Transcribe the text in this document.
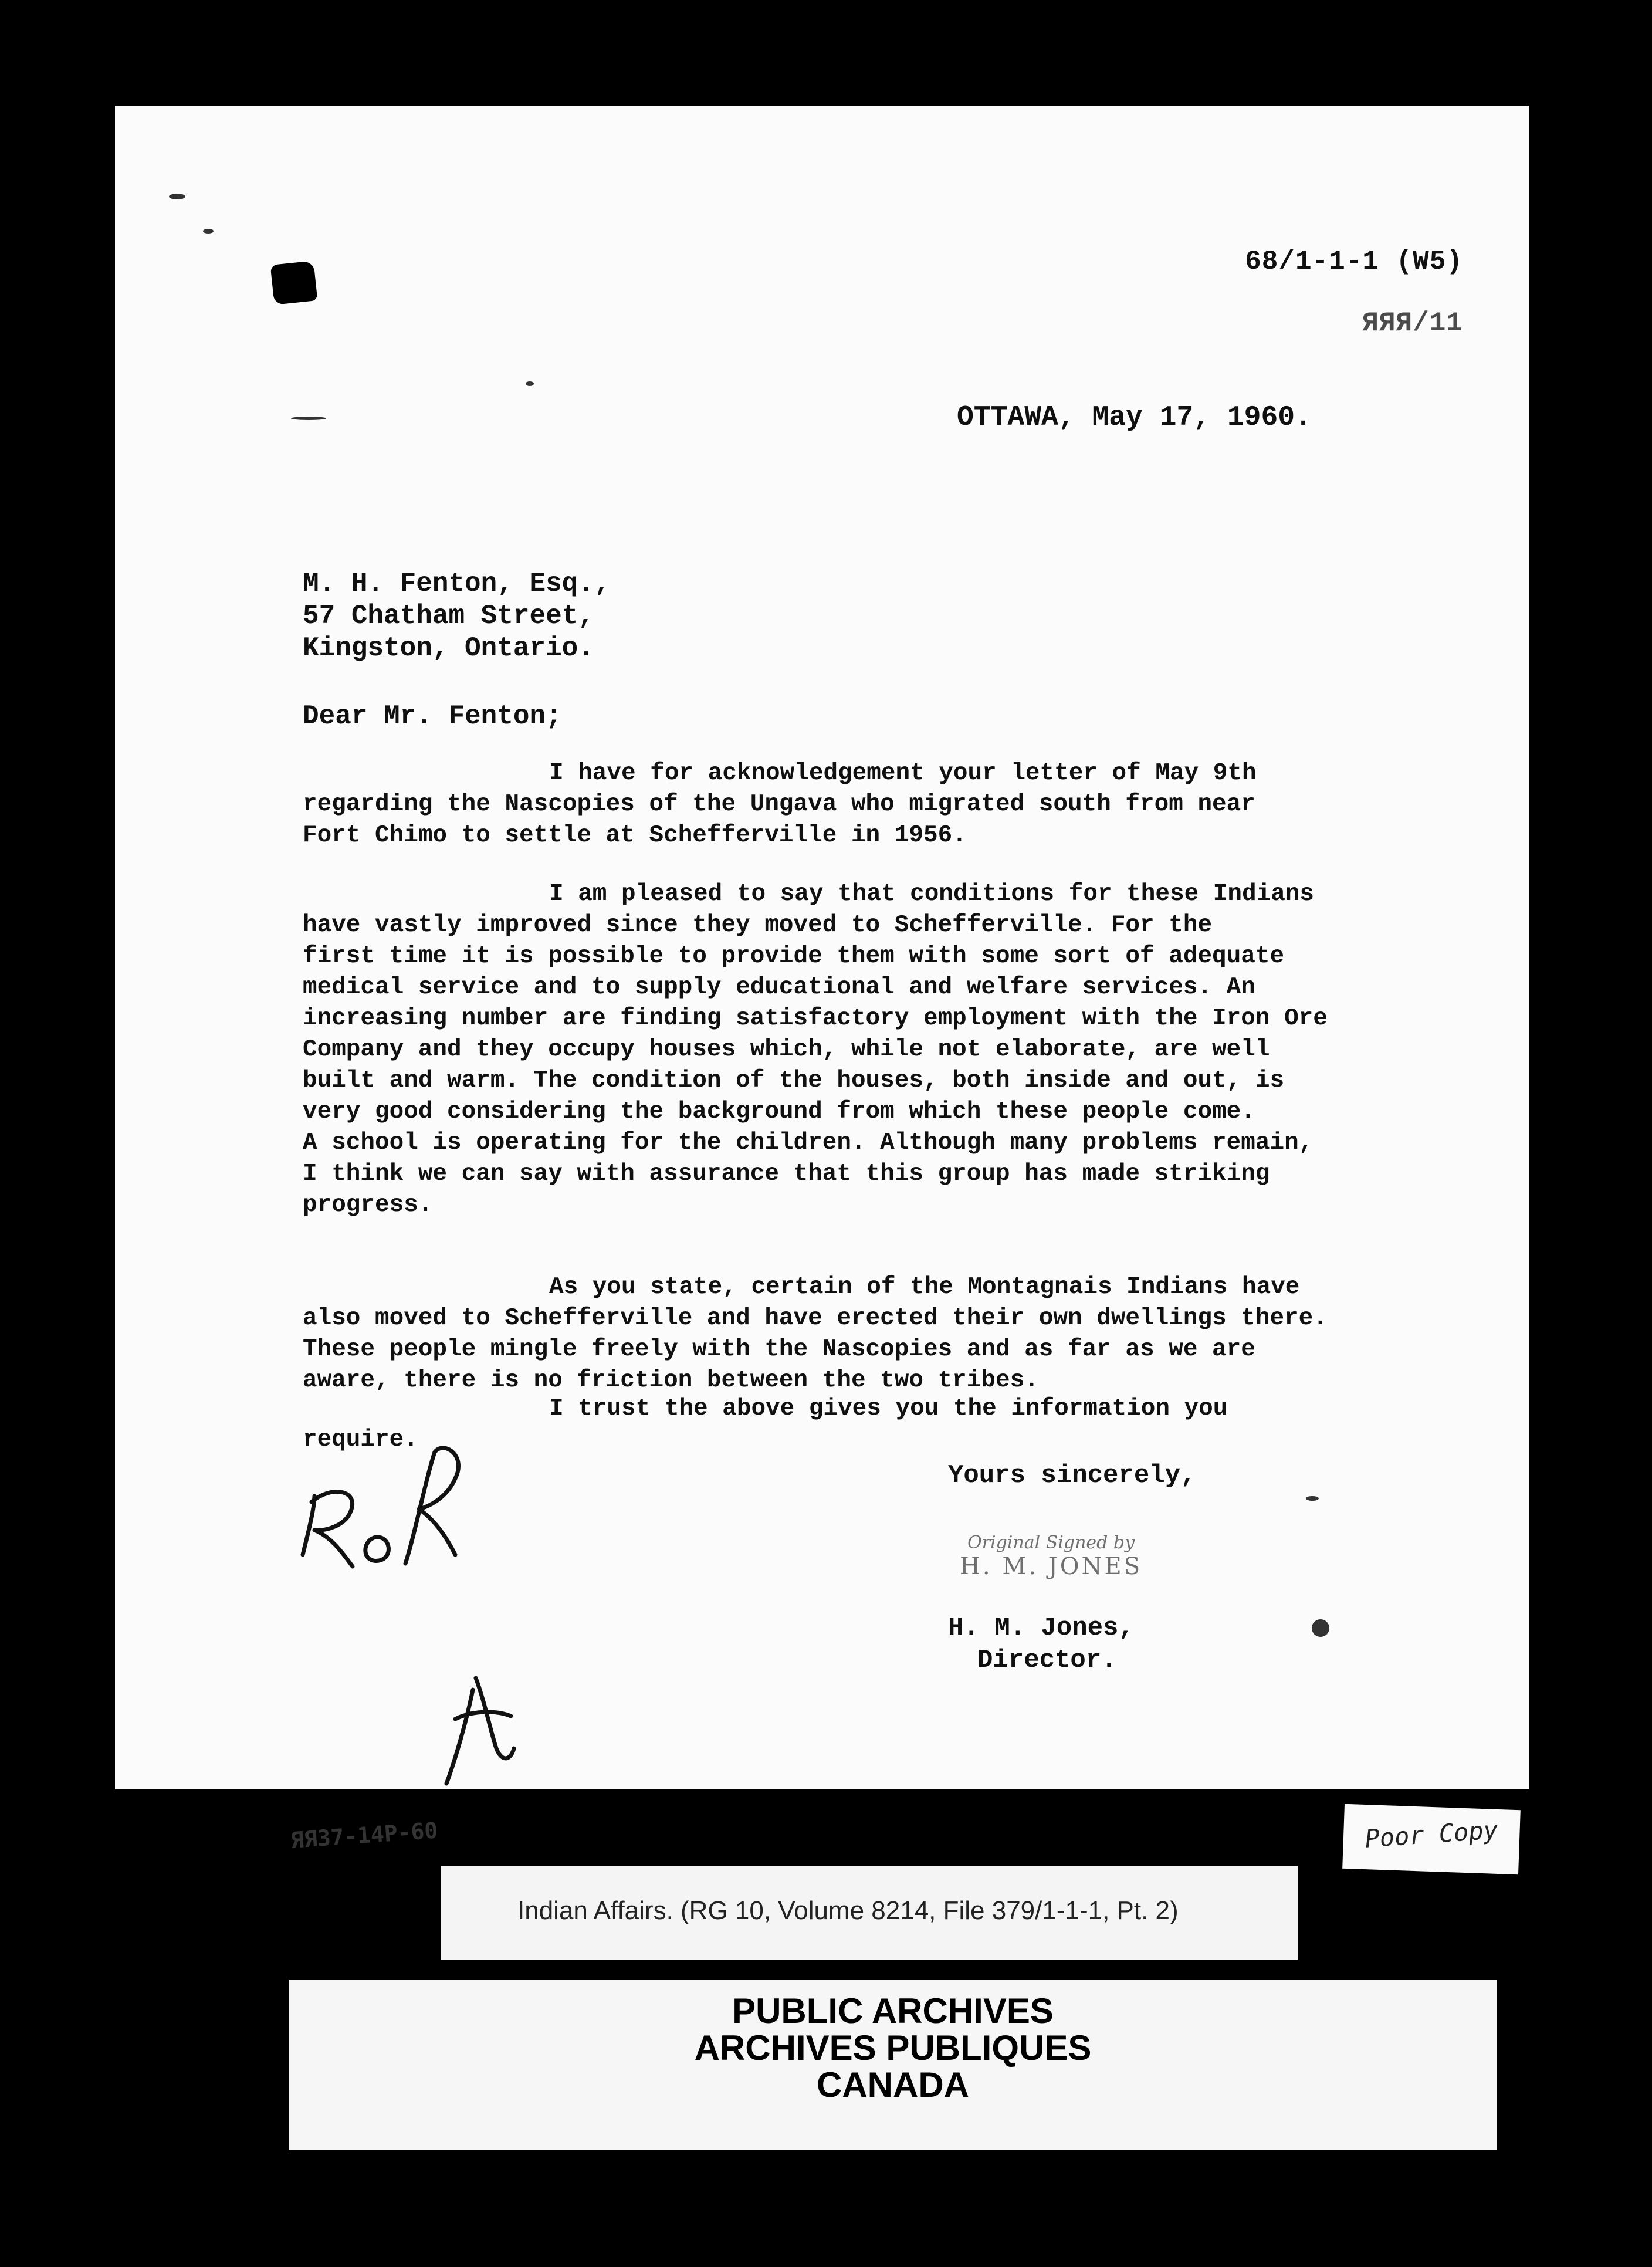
68/1-1-1 (W5)
ЯЯЯ/11
OTTAWA, May 17, 1960.
M. H. Fenton, Esq.,
57 Chatham Street,
Kingston, Ontario.
Dear Mr. Fenton;
I have for acknowledgement your letter of May 9th
regarding the Nascopies of the Ungava who migrated south from near
Fort Chimo to settle at Schefferville in 1956.
I am pleased to say that conditions for these Indians
have vastly improved since they moved to Schefferville. For the
first time it is possible to provide them with some sort of adequate
medical service and to supply educational and welfare services. An
increasing number are finding satisfactory employment with the Iron Ore
Company and they occupy houses which, while not elaborate, are well
built and warm. The condition of the houses, both inside and out, is
very good considering the background from which these people come.
A school is operating for the children. Although many problems remain,
I think we can say with assurance that this group has made striking
progress.
As you state, certain of the Montagnais Indians have
also moved to Schefferville and have erected their own dwellings there.
These people mingle freely with the Nascopies and as far as we are
aware, there is no friction between the two tribes.
I trust the above gives you the information you
require.
Yours sincerely,
Original Signed by
H. M. JONES
H. M. Jones,
Director.
ЯЯ37-14P-60	Poor Copy
Indian Affairs. (RG 10, Volume 8214, File 379/1-1-1, Pt. 2)
PUBLIC ARCHIVES
ARCHIVES PUBLIQUES
CANADA
